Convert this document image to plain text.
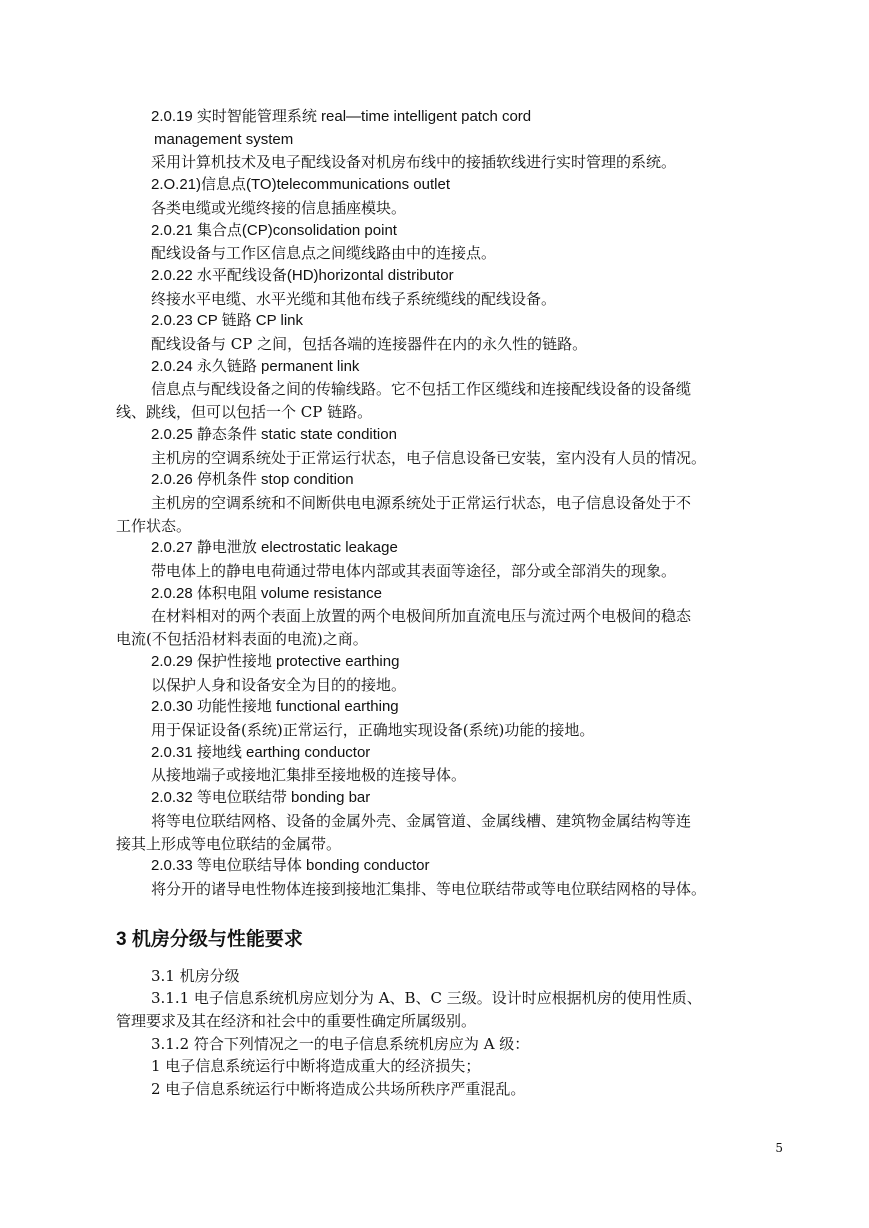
2.0.19 实时智能管理系统 real—time intelligent patch cord
management system
采用计算机技术及电子配线设备对机房布线中的接插软线进行实时管理的系统。
2.O.21)信息点(TO)telecommunications outlet
各类电缆或光缆终接的信息插座模块。
2.0.21 集合点(CP)consolidation point
配线设备与工作区信息点之间缆线路由中的连接点。
2.0.22 水平配线设备(HD)horizontal distributor
终接水平电缆、水平光缆和其他布线子系统缆线的配线设备。
2.0.23 CP 链路 CP link
配线设备与 CP 之间，包括各端的连接器件在内的永久性的链路。
2.0.24 永久链路 permanent link
信息点与配线设备之间的传输线路。它不包括工作区缆线和连接配线设备的设备缆
线、跳线，但可以包括一个 CP 链路。
2.0.25 静态条件 static state condition
主机房的空调系统处于正常运行状态，电子信息设备已安装，室内没有人员的情况。
2.0.26 停机条件 stop condition
主机房的空调系统和不间断供电电源系统处于正常运行状态，电子信息设备处于不
工作状态。
2.0.27 静电泄放 electrostatic leakage
带电体上的静电电荷通过带电体内部或其表面等途径，部分或全部消失的现象。
2.0.28 体积电阻 volume resistance
在材料相对的两个表面上放置的两个电极间所加直流电压与流过两个电极间的稳态
电流(不包括沿材料表面的电流)之商。
2.0.29 保护性接地 protective earthing
以保护人身和设备安全为目的的接地。
2.0.30 功能性接地 functional earthing
用于保证设备(系统)正常运行，正确地实现设备(系统)功能的接地。
2.0.31 接地线 earthing conductor
从接地端子或接地汇集排至接地极的连接导体。
2.0.32 等电位联结带 bonding bar
将等电位联结网格、设备的金属外壳、金属管道、金属线槽、建筑物金属结构等连
接其上形成等电位联结的金属带。
2.0.33 等电位联结导体 bonding conductor
将分开的诸导电性物体连接到接地汇集排、等电位联结带或等电位联结网格的导体。
3 机房分级与性能要求
3.1 机房分级
3.1.1 电子信息系统机房应划分为 A、B、C 三级。设计时应根据机房的使用性质、
管理要求及其在经济和社会中的重要性确定所属级别。
3.1.2 符合下列情况之一的电子信息系统机房应为 A 级：
1 电子信息系统运行中断将造成重大的经济损失；
2 电子信息系统运行中断将造成公共场所秩序严重混乱。
5
